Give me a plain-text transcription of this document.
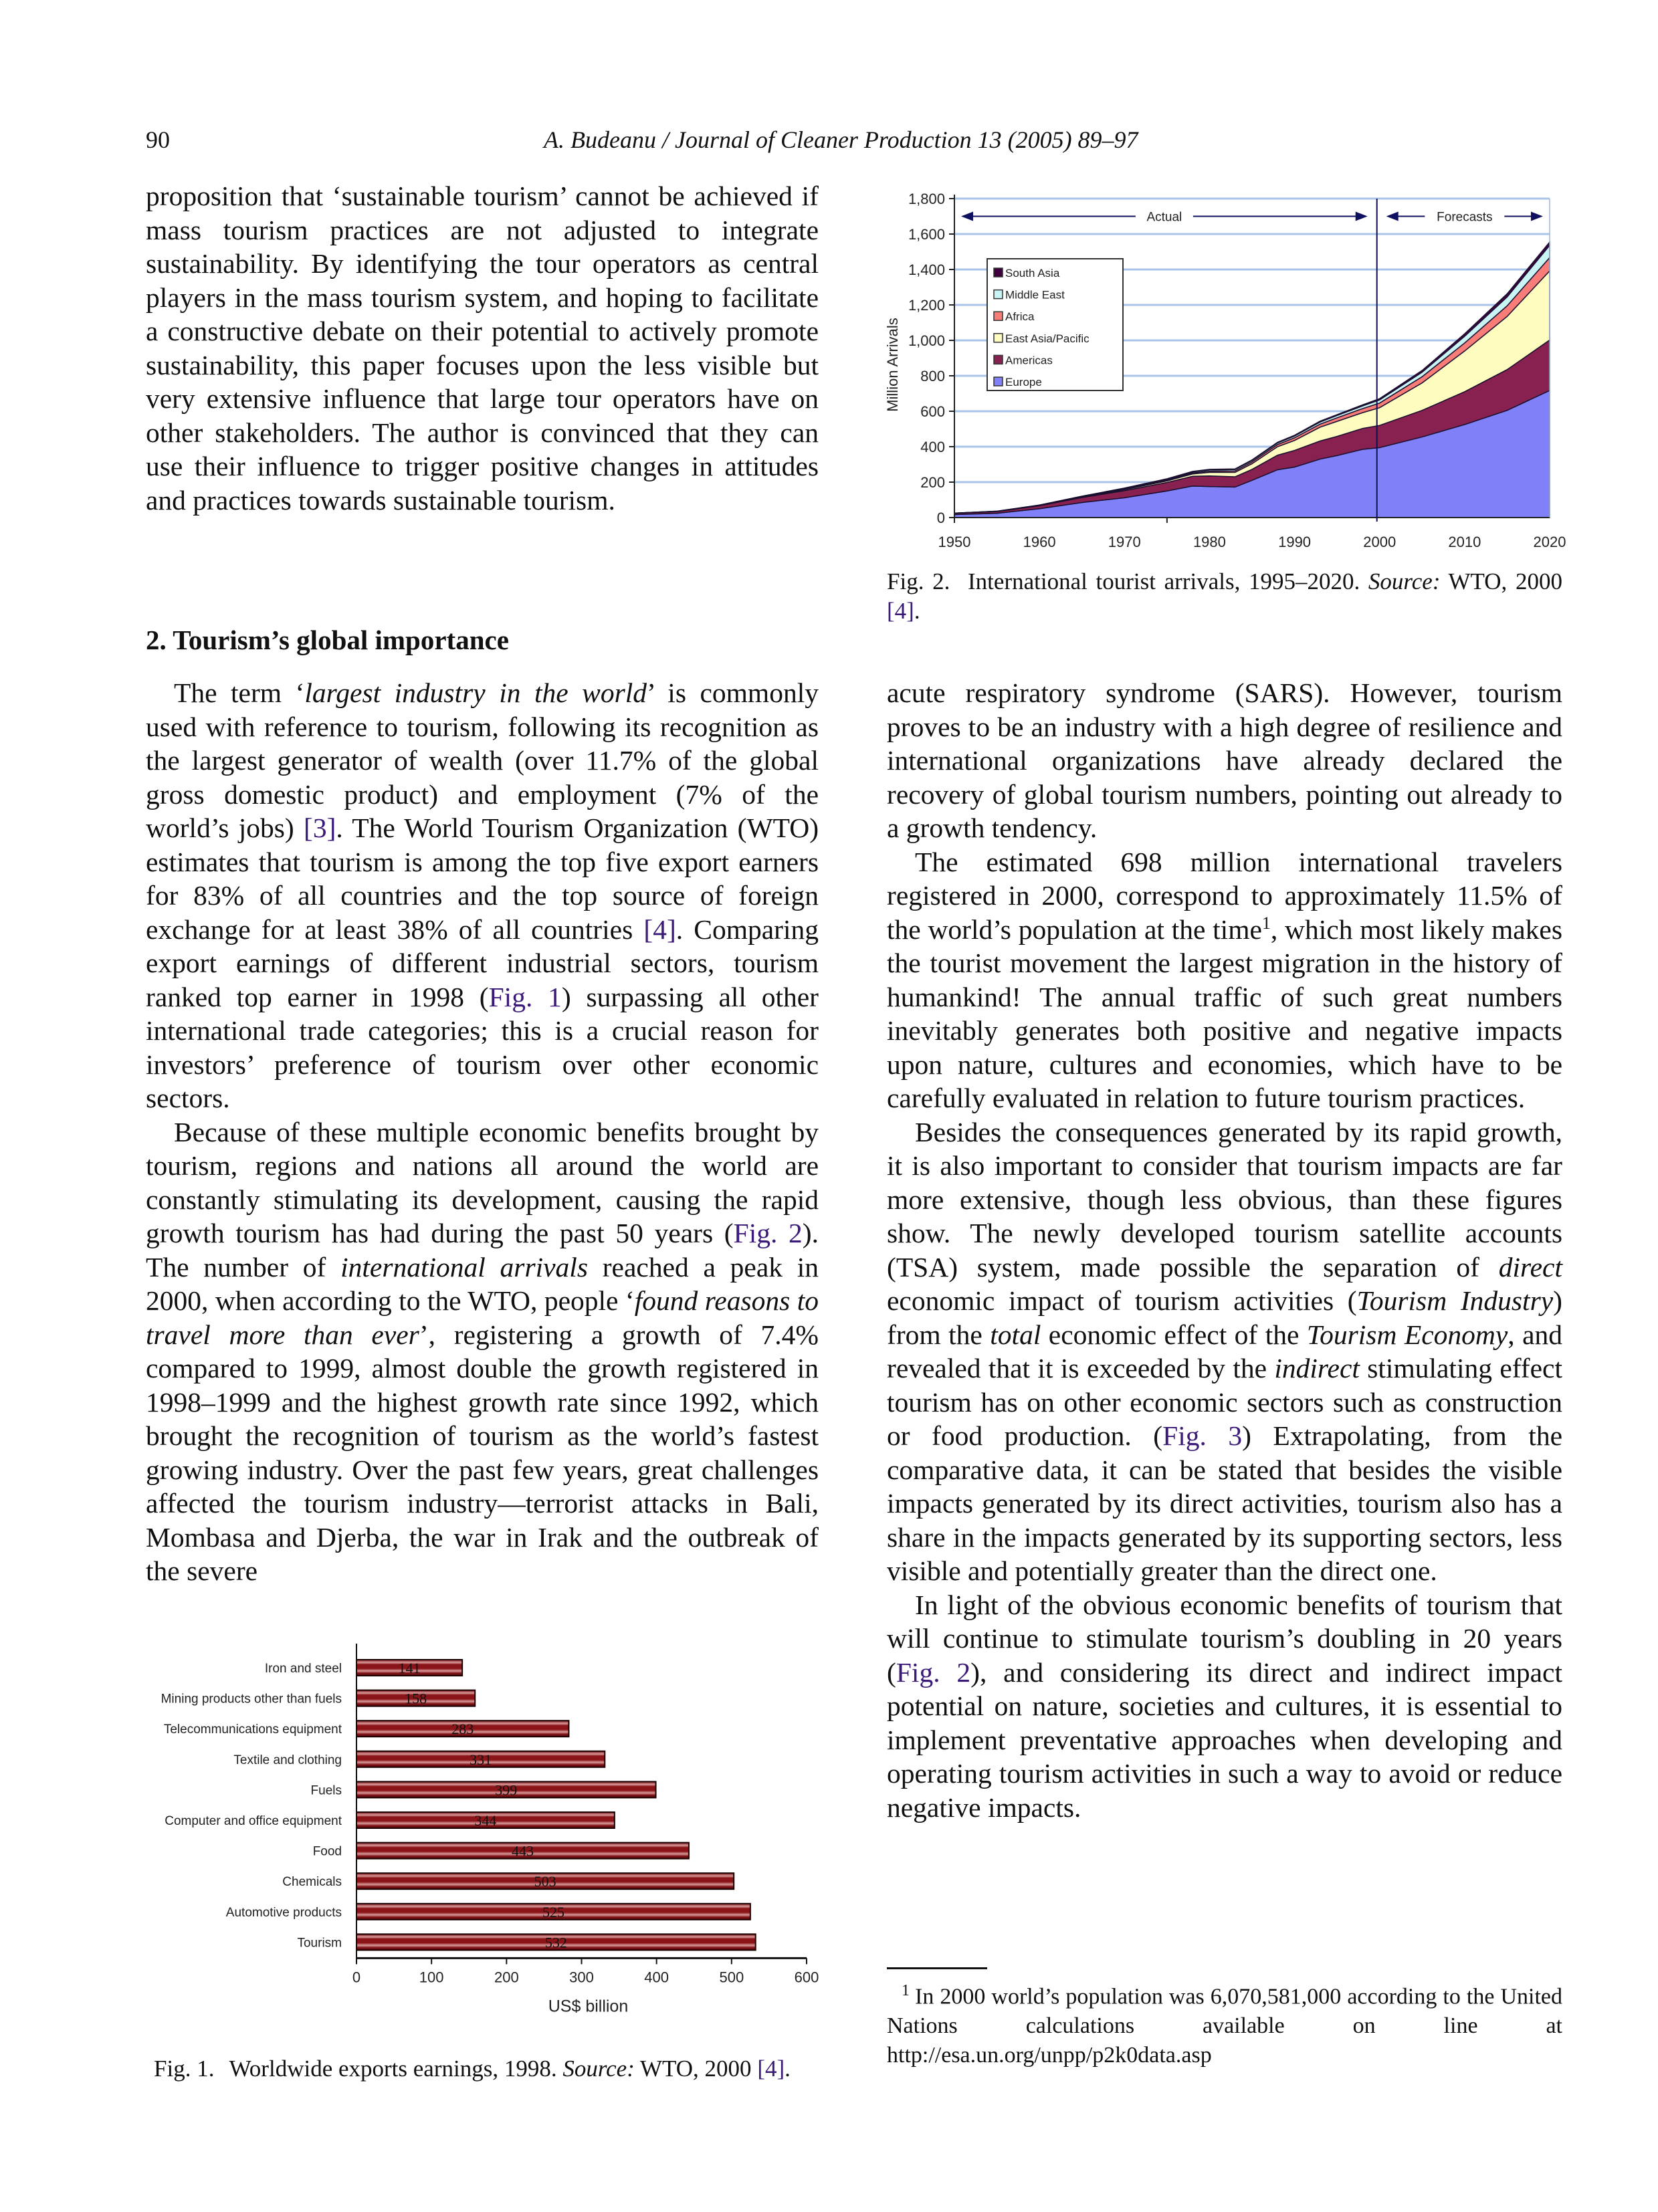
90	A. Budeanu / Journal of Cleaner Production 13 (2005) 89–97

proposition that ‘sustainable tourism’ cannot be achieved if mass tourism practices are not adjusted to integrate sustainability. By identifying the tour operators as central players in the mass tourism system, and hoping to facilitate a constructive debate on their potential to actively promote sustainability, this paper focuses upon the less visible but very extensive influence that large tour operators have on other stakeholders. The author is convinced that they can use their influence to trigger positive changes in attitudes and practices towards sustainable tourism.

2. Tourism’s global importance

The term ‘largest industry in the world’ is commonly used with reference to tourism, following its recognition as the largest generator of wealth (over 11.7% of the global gross domestic product) and employment (7% of the world’s jobs) [3]. The World Tourism Organization (WTO) estimates that tourism is among the top five export earners for 83% of all countries and the top source of foreign exchange for at least 38% of all countries [4]. Comparing export earnings of different industrial sectors, tourism ranked top earner in 1998 (Fig. 1) surpassing all other international trade categories; this is a crucial reason for investors’ preference of tourism over other economic sectors.

Because of these multiple economic benefits brought by tourism, regions and nations all around the world are constantly stimulating its development, causing the rapid growth tourism has had during the past 50 years (Fig. 2). The number of international arrivals reached a peak in 2000, when according to the WTO, people ‘found reasons to travel more than ever’, registering a growth of 7.4% compared to 1999, almost double the growth registered in 1998–1999 and the highest growth rate since 1992, which brought the recognition of tourism as the world’s fastest growing industry. Over the past few years, great challenges affected the tourism industry—terrorist attacks in Bali, Mombasa and Djerba, the war in Irak and the outbreak of the severe

Iron and steel	141
Mining products other than fuels	158
Telecommunications equipment	283
Textile and clothing	331
Fuels	399
Computer and office equipment	344
Food	443
Chemicals	503
Automotive products	525
Tourism	532
0	100	200	300	400	500	600
US$ billion
Fig. 1. Worldwide exports earnings, 1998. Source: WTO, 2000 [4].
0
200
400
600
800
1,000
1,200
1,400
1,600
1,800
1950	1960	1970	1980	1990	2000	2010	2020
Million Arrivals
Actual	Forecasts
South Asia
Middle East
Africa
East Asia/Pacific
Americas
Europe
Fig. 2. International tourist arrivals, 1995–2020. Source: WTO, 2000 [4].

acute respiratory syndrome (SARS). However, tourism proves to be an industry with a high degree of resilience and international organizations have already declared the recovery of global tourism numbers, pointing out already to a growth tendency.

The estimated 698 million international travelers registered in 2000, correspond to approximately 11.5% of the world’s population at the time$^1$, which most likely makes the tourist movement the largest migration in the history of humankind! The annual traffic of such great numbers inevitably generates both positive and negative impacts upon nature, cultures and economies, which have to be carefully evaluated in relation to future tourism practices.

Besides the consequences generated by its rapid growth, it is also important to consider that tourism impacts are far more extensive, though less obvious, than these figures show. The newly developed tourism satellite accounts (TSA) system, made possible the separation of direct economic impact of tourism activities (Tourism Industry) from the total economic effect of the Tourism Economy, and revealed that it is exceeded by the indirect stimulating effect tourism has on other economic sectors such as construction or food production. (Fig. 3) Extrapolating, from the comparative data, it can be stated that besides the visible impacts generated by its direct activities, tourism also has a share in the impacts generated by its supporting sectors, less visible and potentially greater than the direct one.

In light of the obvious economic benefits of tourism that will continue to stimulate tourism’s doubling in 20 years (Fig. 2), and considering its direct and indirect impact potential on nature, societies and cultures, it is essential to implement preventative approaches when developing and operating tourism activities in such a way to avoid or reduce negative impacts.

$^1$ In 2000 world’s population was 6,070,581,000 according to the United Nations calculations available on line at http://esa.un.org/unpp/p2k0data.asp
